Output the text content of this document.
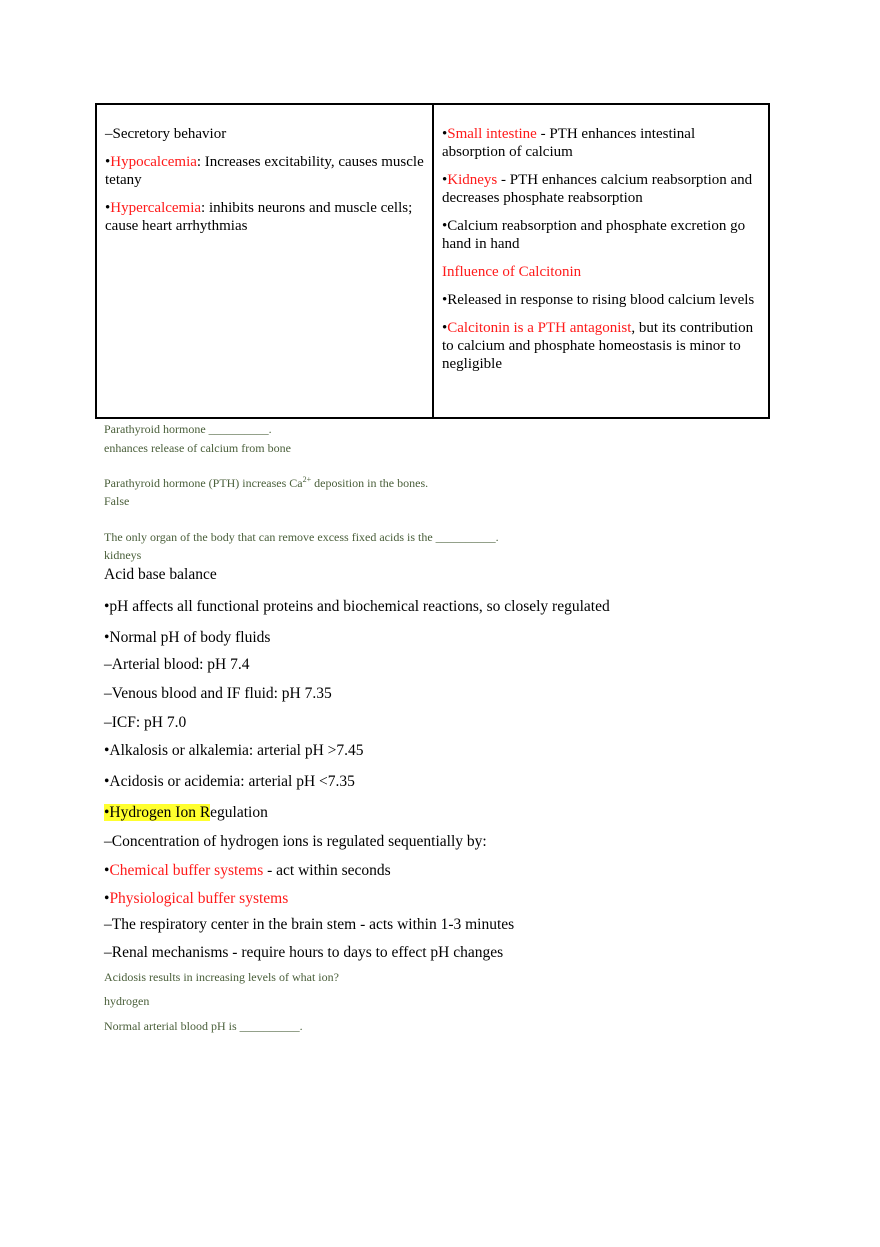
–Secretory behavior

•Hypocalcemia: Increases excitability, causes muscle tetany

•Hypercalcemia: inhibits neurons and muscle cells; cause heart arrhythmias

•Small intestine - PTH enhances intestinal absorption of calcium

•Kidneys - PTH enhances calcium reabsorption and decreases phosphate reabsorption

•Calcium reabsorption and phosphate excretion go hand in hand

Influence of Calcitonin

•Released in response to rising blood calcium levels

•Calcitonin is a PTH antagonist, but its contribution to calcium and phosphate homeostasis is minor to negligible

Parathyroid hormone __________.
enhances release of calcium from bone
Parathyroid hormone (PTH) increases $Ca^{2+}$ deposition in the bones.
False
The only organ of the body that can remove excess fixed acids is the __________.
kidneys
Acid base balance
•pH affects all functional proteins and biochemical reactions, so closely regulated
•Normal pH of body fluids
–Arterial blood: pH 7.4
–Venous blood and IF fluid: pH 7.35
–ICF: pH 7.0
•Alkalosis or alkalemia: arterial pH >7.45
•Acidosis or acidemia: arterial pH <7.35
•Hydrogen Ion Regulation
–Concentration of hydrogen ions is regulated sequentially by:
•Chemical buffer systems - act within seconds
•Physiological buffer systems
–The respiratory center in the brain stem - acts within 1-3 minutes
–Renal mechanisms - require hours to days to effect pH changes
Acidosis results in increasing levels of what ion?
hydrogen
Normal arterial blood pH is __________.
